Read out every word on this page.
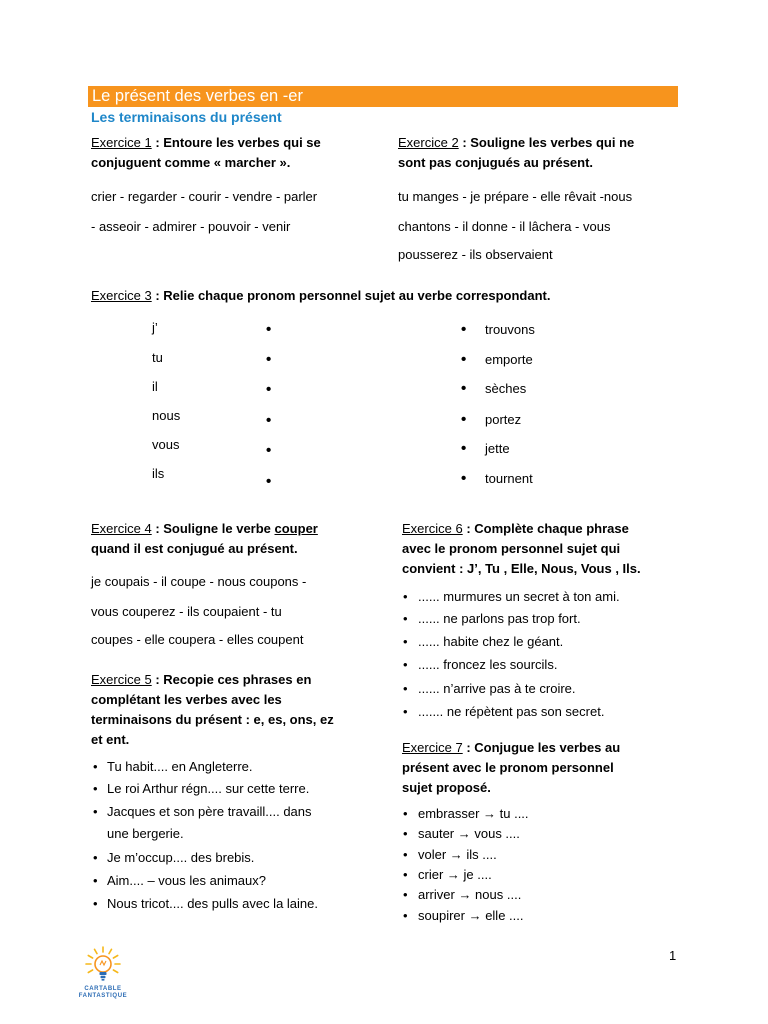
Le présent des verbes en -er
Les terminaisons du présent
Exercice 1 : Entoure les verbes qui se
conjuguent comme « marcher ».
crier - regarder - courir - vendre - parler
- asseoir - admirer - pouvoir - venir
Exercice 2 : Souligne les verbes qui ne
sont pas conjugués au présent.
tu manges - je prépare - elle rêvait -nous
chantons - il donne - il lâchera - vous
pousserez - ils observaient
Exercice 3 : Relie chaque pronom personnel sujet au verbe correspondant.
j’
tu
il
nous
vous
ils
•
•
•
•
•
•
•
•
•
•
•
•
trouvons
emporte
sèches
portez
jette
tournent
Exercice 4 : Souligne le verbe couper
quand il est conjugué au présent.
je coupais - il coupe - nous coupons -
vous couperez - ils coupaient - tu
coupes - elle coupera - elles coupent
Exercice 5 : Recopie ces phrases en
complétant les verbes avec les
terminaisons du présent : e, es, ons, ez
et ent.
• Tu habit.... en Angleterre.
• Le roi Arthur régn.... sur cette terre.
• Jacques et son père travaill.... dans
une bergerie.
• Je m’occup.... des brebis.
• Aim.... – vous les animaux?
• Nous tricot.... des pulls avec la laine.
Exercice 6 : Complète chaque phrase
avec le pronom personnel sujet qui
convient : J’, Tu , Elle, Nous, Vous , Ils.
• ...... murmures un secret à ton ami.
• ...... ne parlons pas trop fort.
• ...... habite chez le géant.
• ...... froncez les sourcils.
• ...... n’arrive pas à te croire.
• ....... ne répètent pas son secret.
Exercice 7 : Conjugue les verbes au
présent avec le pronom personnel
sujet proposé.
• embrasser → tu ....
• sauter → vous ....
• voler → ils ....
• crier → je ....
• arriver → nous ....
• soupirer → elle ....
1
CARTABLE
FANTASTIQUE
